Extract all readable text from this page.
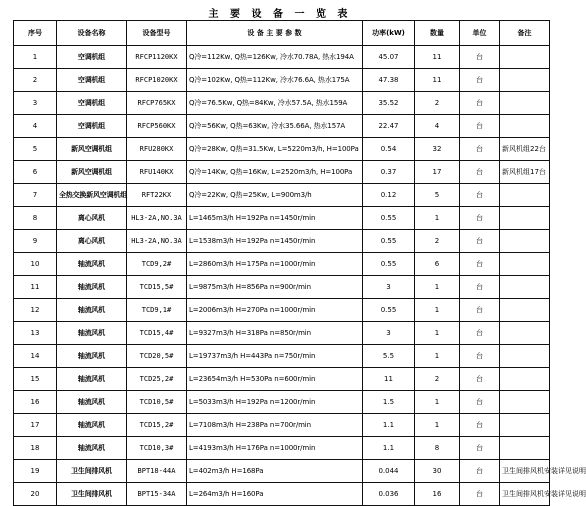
主 要 设 备 一 览 表
序号	设备名称	设备型号	设 备 主 要 参 数	功率(kW)	数量	单位	备注
1	空调机组	RFCP1120KX	Q冷=112Kw, Q热=126Kw, 冷水70.78A, 热水194A	45.07	11	台	
2	空调机组	RFCP1020KX	Q冷=102Kw, Q热=112Kw, 冷水76.6A, 热水175A	47.38	11	台	
3	空调机组	RFCP765KX	Q冷=76.5Kw, Q热=84Kw, 冷水57.5A, 热水159A	35.52	2	台	
4	空调机组	RFCP560KX	Q冷=56Kw, Q热=63Kw, 冷水35.66A, 热水157A	22.47	4	台	
5	新风空调机组	RFU280KX	Q冷=28Kw, Q热=31.5Kw, L=5220m3/h, H=100Pa	0.54	32	台	新风机组22台
6	新风空调机组	RFU140KX	Q冷=14Kw, Q热=16Kw, L=2520m3/h, H=100Pa	0.37	17	台	新风机组17台
7	全热交换新风空调机组	RFT22KX	Q冷=22Kw, Q热=25Kw, L=900m3/h	0.12	5	台	
8	离心风机	HL3-2A,NO.3A	L=1465m3/h H=192Pa n=1450r/min	0.55	1	台	
9	离心风机	HL3-2A,NO.3A	L=1538m3/h H=192Pa n=1450r/min	0.55	2	台	
10	轴流风机	TCD9,2#	L=2860m3/h H=175Pa n=1000r/min	0.55	6	台	
11	轴流风机	TCD15,5#	L=9875m3/h H=856Pa n=900r/min	3	1	台	
12	轴流风机	TCD9,1#	L=2006m3/h H=270Pa n=1000r/min	0.55	1	台	
13	轴流风机	TCD15,4#	L=9327m3/h H=318Pa n=850r/min	3	1	台	
14	轴流风机	TCD20,5#	L=19737m3/h H=443Pa n=750r/min	5.5	1	台	
15	轴流风机	TCD25,2#	L=23654m3/h H=530Pa n=600r/min	11	2	台	
16	轴流风机	TCD10,5#	L=5033m3/h H=192Pa n=1200r/min	1.5	1	台	
17	轴流风机	TCD15,2#	L=7108m3/h H=238Pa n=700r/min	1.1	1	台	
18	轴流风机	TCD10,3#	L=4193m3/h H=176Pa n=1000r/min	1.1	8	台	
19	卫生间排风机	BPT18-44A	L=402m3/h H=168Pa	0.044	30	台	卫生间排风机安装详见说明
20	卫生间排风机	BPT15-34A	L=264m3/h H=160Pa	0.036	16	台	卫生间排风机安装详见说明
